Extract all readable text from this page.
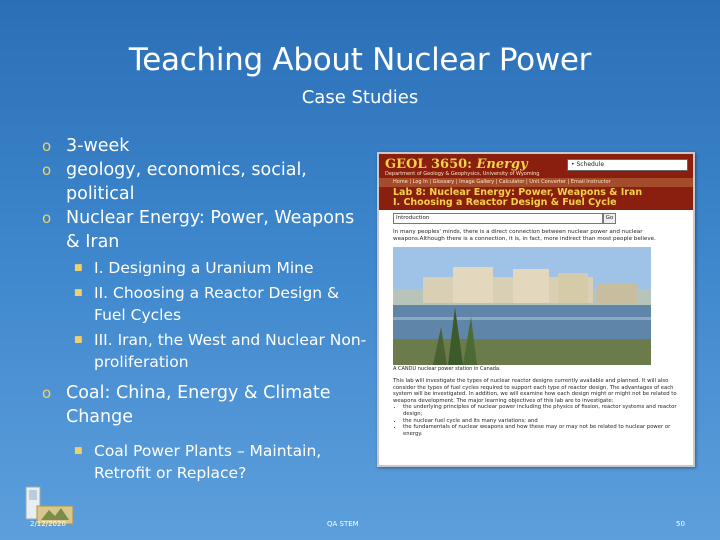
Teaching About Nuclear Power
Case Studies
o 3-week
o geology, economics, social, political
o Nuclear Energy: Power, Weapons & Iran
■ I. Designing a Uranium Mine
■ II. Choosing a Reactor Design & Fuel Cycles
■ III. Iran, the West and Nuclear Non-proliferation
o Coal: China, Energy & Climate Change
■ Coal Power Plants – Maintain, Retrofit or Replace?
GEOL 3650: Energy
Department of Geology & Geophysics, University of Wyoming
• Schedule
Home | Log In | Glossary | Image Gallery | Calculator | Unit Converter | Email Instructor
Lab 8: Nuclear Energy: Power, Weapons & Iran
I. Choosing a Reactor Design & Fuel Cycle
Introduction	Go
In many peoples' minds, there is a direct connection between nuclear power and nuclear weapons.Although there is a connection, it is, in fact, more indirect than most people believe.
A CANDU nuclear power station in Canada.
This lab will investigate the types of nuclear reactor designs currently available and planned. It will also consider the types of fuel cycles required to support each type of reactor design. The advantages of each system will be investigated. In addition, we will examine how each design might or might not be related to weapons development. The major learning objectives of this lab are to investigate:
• the underlying principles of nuclear power including the physics of fission, reactor systems and reactor design;
• the nuclear fuel cycle and its many variations; and
• the fundamentals of nuclear weapons and how these may or may not be related to nuclear power or energy.
2/12/2020	QA STEM	50
